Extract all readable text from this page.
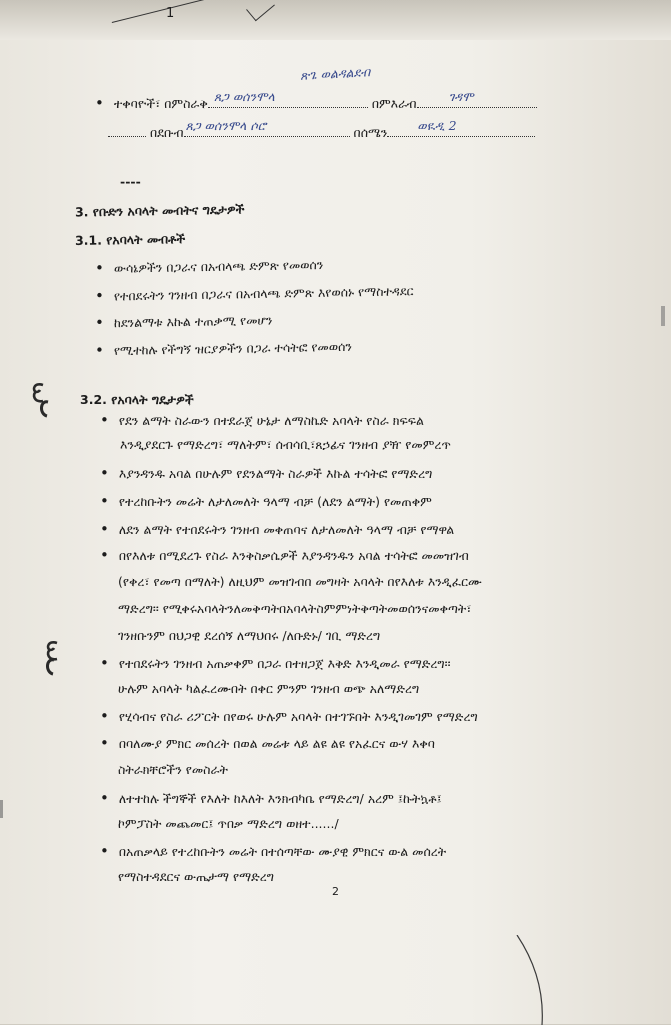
1
ጽጌ ወልዳልደብ
• ተቀባዮች፣ በምስራቅ ጸጋ ወሰንሞላ	በምእራብ	ገዳሞ
በደቡብ ጸጋ ወሰንሞላ ሶሮ	በሰሜን ወዪዲ 2
----
3. የቡድን አባላት መብትና ግዴታዎች
3.1. የአባላት መብቶች
• ውሳኔዎችን በጋራና በአብላጫ ድምጽ የመወሰን
• የተበደሩትን ገንዘብ በጋራና በአብላጫ ድምጽ እየወሰኑ የማስተዳደር
• ከደንልማቱ እኩል ተጠቃሚ የመሆን
• የሚተከሉ የችግኝ ዝርያዎችን በጋራ ተሳትፎ የመወሰን
3.2. የአባላት ግዴታዎች
• የደን ልማት ስራውን በተደራጀ ሁኔታ ለማስኬድ አባላት የስራ ክፍፍል
እንዲያደርጉ የማድረግ፣ ማለትም፣ ሰብሳቢ፣ጸኃፊና ገንዘብ ያዥ የመምረጥ
• እያንዳንዱ አባል በሁሉም የደንልማት ስራዎች እኩል ተሳትፎ የማድረግ
• የተረከቡትን መሬት ለታለመለት ዓላማ ብቻ (ለደን ልማት) የመጠቀም
• ለደን ልማት የተበደሩትን ገንዘብ መቀጠባና ለታለመለት ዓላማ ብቻ የማዋል
• በየእለቱ በሚደረጉ የስራ እንቅስቃሴዎች እያንዳንዱን አባል ተሳትፎ መመዝገብ
(የቀረ፣ የመጣ በማለት) ለዚህም መዝገብበ መግዛት አባላት በየእለቱ እንዲፈርሙ
ማድረግ፡፡ የሚቀሩአባላትንለመቅጣትበአባላትስምምነትቅጣትመወሰንናመቀጣት፣
ገንዘቡንም በህጋዊ ደረሰኝ ለማህበሩ /ለቡድኑ/ ገቢ ማድረግ
• የተበደሩትን ገንዘብ አጠቃቀም በጋራ በተዘጋጀ እቅድ እንዲመራ የማድረግ፡፡
ሁሉም አባላት ካልፈረሙበት በቀር ምንም ገንዘብ ወጭ አለማድረግ
• የሂሳብና የስራ ሪፖርት በየወሩ ሁሉም አባላት በተገኙበት እንዲገመገም የማድረግ
• በባለሙያ ምክር መሰረት በወል መሬቱ ላይ ልዩ ልዩ የአፈርና ውሃ እቀባ
ስትራክቸሮችን የመስራት
• ለተተከሉ ችግኞች የእለት ከእለት እንክብካቤ የማድረግ/ አረም ፤ኩትኳቶ፤
ኮምፓስት መጨመር፤ ጥበቃ ማድረግ ወዘተ....../
• በአጠቃላይ የተረከቡትን መሬት በተሰጣቸው ሙያዊ ምክርና ውል መሰረት
የማስተዳደርና ውጤታማ የማድረግ
2
